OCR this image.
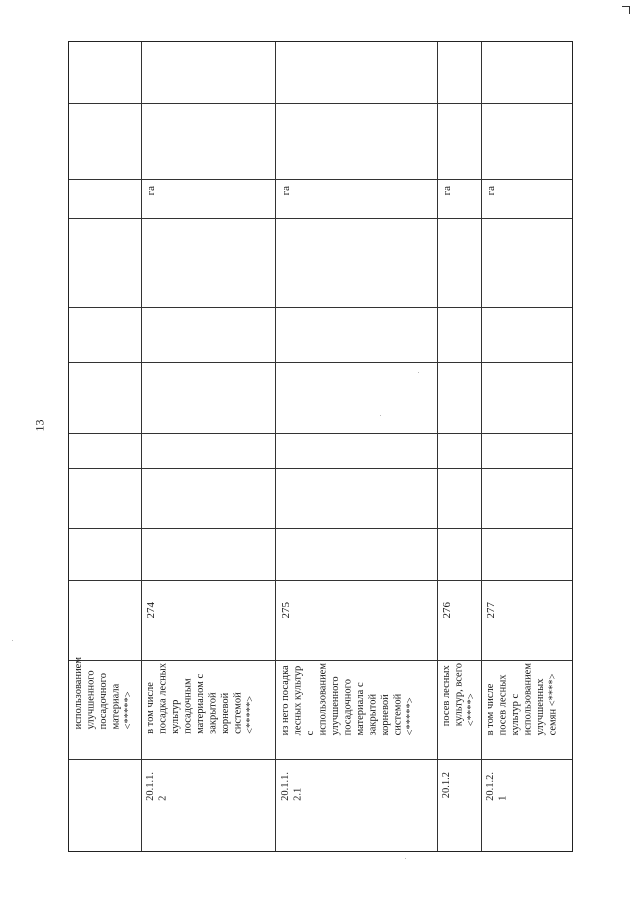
13
использованием
улучшенного
посадочного
материала
<*****>
20.1.1.
2
в том числе
посадка лесных
культур
посадочным
материалом с
закрытой
корневой
системой
<*****>
274
га
20.1.1.
2.1
из него посадка
лесных культур
с
использованием
улучшенного
посадочного
материала с
закрытой
корневой
системой
<*****>
275
га
20.1.2
посев лесных
культур, всего
<****>
276
га
20.1.2.
1
в том числе
посев лесных
культур с
использованием
улучшенных
семян <****>
277
га
